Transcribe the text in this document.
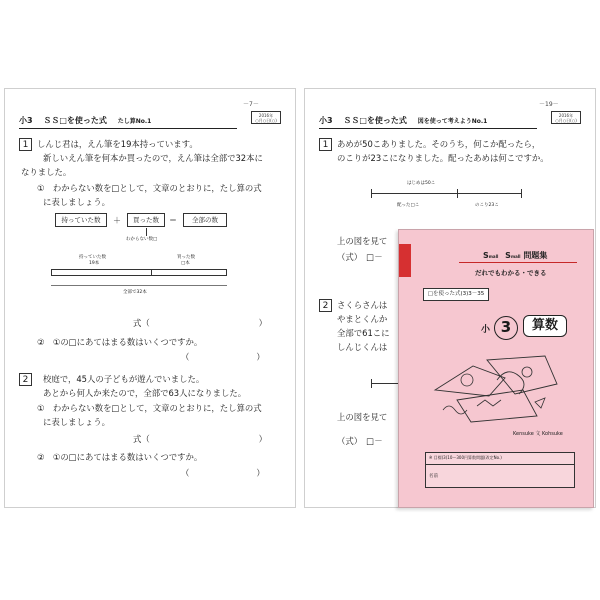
－7－
2016年
○月○日(○)
小3 ＳＳ□を使った式 たし算No.1
1	しんじ君は，えん筆を19本持っています。
新しいえん筆を何本か買ったので，えん筆は全部で32本に
なりました。
①　わからない数を□として，文章のとおりに，たし算の式
に表しましょう。
持っていた数	＋	買った数	＝	全部の数
わからない数□
持っていた数
19本
買った数
□本
全部で32本
式（　　　　　　　　　　　　　）
②　①の□にあてはまる数はいくつですか。
（　　　　　　　　）
2	校庭で，45人の子どもが遊んでいました。
あとから何人か来たので，全部で63人になりました。
①　わからない数を□として，文章のとおりに，たし算の式
に表しましょう。
式（　　　　　　　　　　　　　）
②　①の□にあてはまる数はいくつですか。
（　　　　　　　　）
－19－
2016年
○月○日(○)
小3 ＳＳ□を使った式 図を使って考えようNo.1
1	あめが50こありました。そのうち，何こか配ったら，
のこりが23こになりました。配ったあめは何こですか。
はじめは50こ
配った□こ	のこり23こ
上の図を見て
（式）　□－
2	さくらさんは
やまとくんか
全部で61こに
しんじくんは
上の図を見て
（式）　□－
Small Small 問題集
だれでもわかる・できる
□を使った式(3)3－35
小 3	算数
Kensuke 文 Kohsuke
※ 目標(3)10～300円算数問題(改定No.)
名前
